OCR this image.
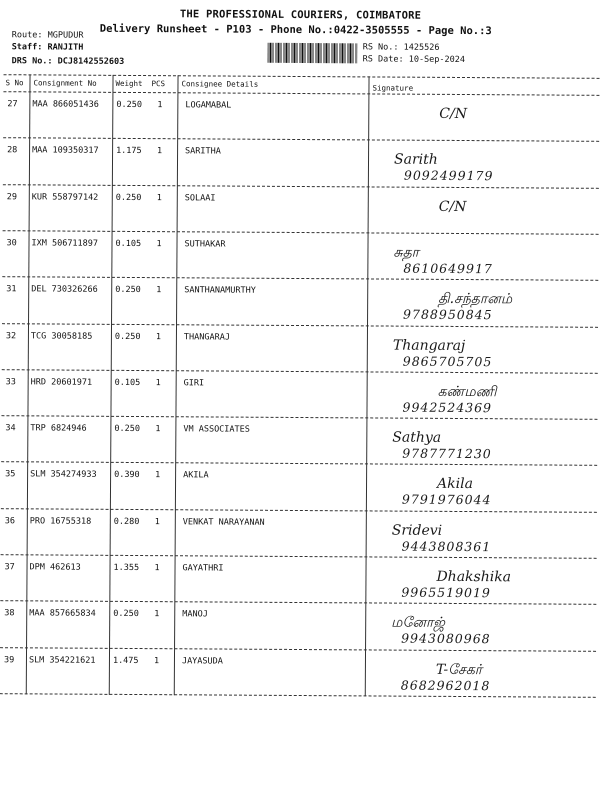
THE PROFESSIONAL COURIERS, COIMBATORE
Delivery Runsheet - P103 - Phone No.:0422-3505555 - Page No.:3
Route: MGPUDUR
Staff: RANJITH
DRS No.: DCJ8142552603
RS No.: 1425526
RS Date: 10-Sep-2024
S No Consignment No Weight PCS Consignee Details	Signature
27 MAA 866051436 0.250 1	LOGAMABAL
C/N
28 MAA 109350317 1.175 1	SARITHA
Sarith
9092499179
29 KUR 558797142 0.250 1	SOLAAI
C/N
30 IXM 506711897 0.105 1	SUTHAKAR
சுதா
8610649917
31 DEL 730326266 0.250 1	SANTHANAMURTHY
தி.சந்தானம்
9788950845
32 TCG 30058185	0.250 1	THANGARAJ
Thangaraj
9865705705
33 HRD 20601971	0.105 1	GIRI
கண்மணி
9942524369
34 TRP 6824946	0.250 1	VM ASSOCIATES
Sathya
9787771230
35 SLM 354274933 0.390 1	AKILA
Akila
9791976044
36 PRO 16755318	0.280 1	VENKAT NARAYANAN
Sridevi
9443808361
37 DPM 462613	1.355 1	GAYATHRI
Dhakshika
9965519019
38 MAA 857665834 0.250 1	MANOJ
மனோஜ்
9943080968
39 SLM 354221621 1.475 1	JAYASUDA
T-சேகர்
8682962018
